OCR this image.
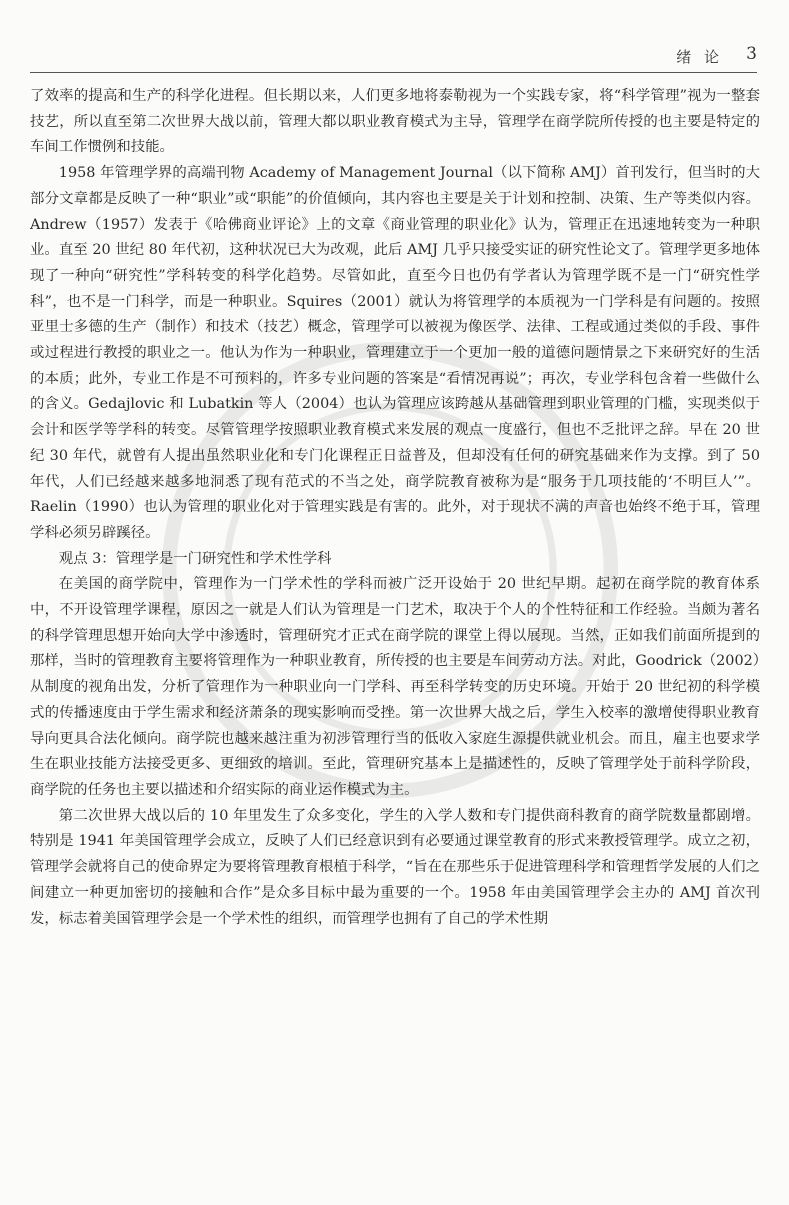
绪 论 3

了效率的提高和生产的科学化进程。但长期以来，人们更多地将泰勒视为一个实践专家，将“科学管理”视为一整套技艺，所以直至第二次世界大战以前，管理大都以职业教育模式为主导，管理学在商学院所传授的也主要是特定的车间工作惯例和技能。

1958 年管理学界的高端刊物 Academy of Management Journal（以下简称 AMJ）首刊发行，但当时的大部分文章都是反映了一种“职业”或“职能”的价值倾向，其内容也主要是关于计划和控制、决策、生产等类似内容。Andrew（1957）发表于《哈佛商业评论》上的文章《商业管理的职业化》认为，管理正在迅速地转变为一种职业。直至 20 世纪 80 年代初，这种状况已大为改观，此后 AMJ 几乎只接受实证的研究性论文了。管理学更多地体现了一种向“研究性”学科转变的科学化趋势。尽管如此，直至今日也仍有学者认为管理学既不是一门“研究性学科”，也不是一门科学，而是一种职业。Squires（2001）就认为将管理学的本质视为一门学科是有问题的。按照亚里士多德的生产（制作）和技术（技艺）概念，管理学可以被视为像医学、法律、工程或通过类似的手段、事件或过程进行教授的职业之一。他认为作为一种职业，管理建立于一个更加一般的道德问题情景之下来研究好的生活的本质；此外，专业工作是不可预料的，许多专业问题的答案是“看情况再说”；再次，专业学科包含着一些做什么的含义。Gedajlovic 和 Lubatkin 等人（2004）也认为管理应该跨越从基础管理到职业管理的门槛，实现类似于会计和医学等学科的转变。尽管管理学按照职业教育模式来发展的观点一度盛行，但也不乏批评之辞。早在 20 世纪 30 年代，就曾有人提出虽然职业化和专门化课程正日益普及，但却没有任何的研究基础来作为支撑。到了 50 年代，人们已经越来越多地洞悉了现有范式的不当之处，商学院教育被称为是“服务于几项技能的‘不明巨人’”。Raelin（1990）也认为管理的职业化对于管理实践是有害的。此外，对于现状不满的声音也始终不绝于耳，管理学科必须另辟蹊径。

观点 3：管理学是一门研究性和学术性学科

在美国的商学院中，管理作为一门学术性的学科而被广泛开设始于 20 世纪早期。起初在商学院的教育体系中，不开设管理学课程，原因之一就是人们认为管理是一门艺术，取决于个人的个性特征和工作经验。当颇为著名的科学管理思想开始向大学中渗透时，管理研究才正式在商学院的课堂上得以展现。当然，正如我们前面所提到的那样，当时的管理教育主要将管理作为一种职业教育，所传授的也主要是车间劳动方法。对此，Goodrick（2002）从制度的视角出发，分析了管理作为一种职业向一门学科、再至科学转变的历史环境。开始于 20 世纪初的科学模式的传播速度由于学生需求和经济萧条的现实影响而受挫。第一次世界大战之后，学生入校率的激增使得职业教育导向更具合法化倾向。商学院也越来越注重为初涉管理行当的低收入家庭生源提供就业机会。而且，雇主也要求学生在职业技能方法接受更多、更细致的培训。至此，管理研究基本上是描述性的，反映了管理学处于前科学阶段，商学院的任务也主要以描述和介绍实际的商业运作模式为主。

第二次世界大战以后的 10 年里发生了众多变化，学生的入学人数和专门提供商科教育的商学院数量都剧增。特别是 1941 年美国管理学会成立，反映了人们已经意识到有必要通过课堂教育的形式来教授管理学。成立之初，管理学会就将自己的使命界定为要将管理教育根植于科学，“旨在在那些乐于促进管理科学和管理哲学发展的人们之间建立一种更加密切的接触和合作”是众多目标中最为重要的一个。1958 年由美国管理学会主办的 AMJ 首次刊发，标志着美国管理学会是一个学术性的组织，而管理学也拥有了自己的学术性期
